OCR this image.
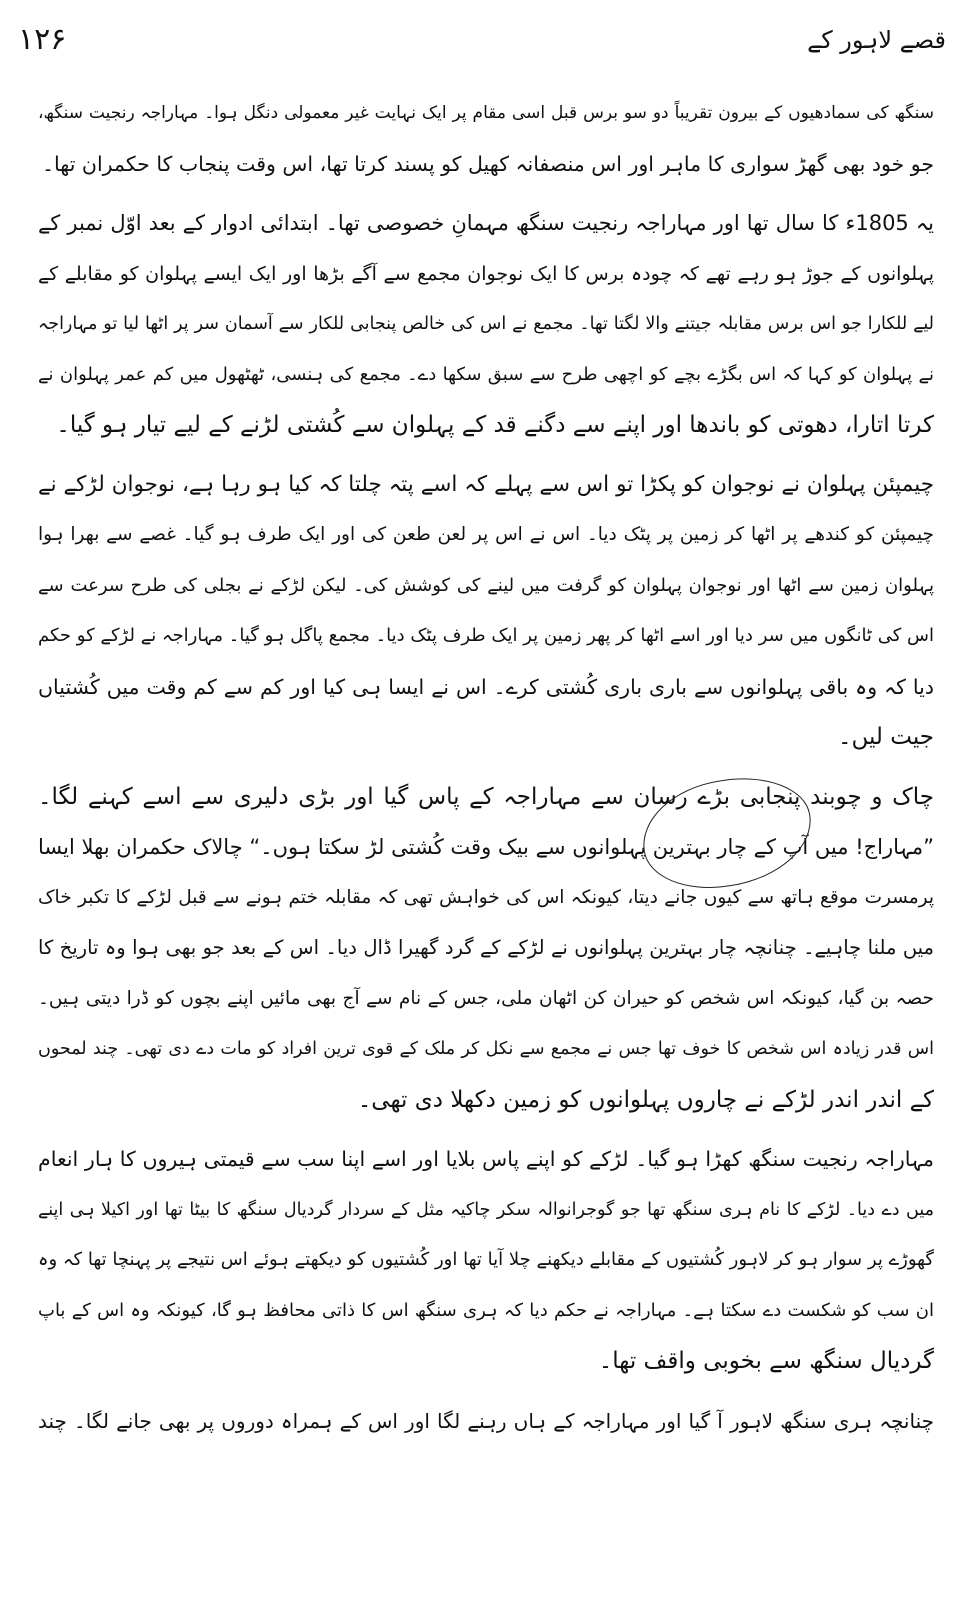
۱۲۶	قصے لاہور کے
سنگھ کی سمادھیوں کے بیرون تقریباً دو سو برس قبل اسی مقام پر ایک نہایت غیر معمولی دنگل ہوا۔ مہاراجہ رنجیت سنگھ،
جو خود بھی گھڑ سواری کا ماہر اور اس منصفانہ کھیل کو پسند کرتا تھا، اس وقت پنجاب کا حکمران تھا۔
یہ 1805ء کا سال تھا اور مہاراجہ رنجیت سنگھ مہمانِ خصوصی تھا۔ ابتدائی ادوار کے بعد اوّل نمبر کے
پہلوانوں کے جوڑ ہو رہے تھے کہ چودہ برس کا ایک نوجوان مجمع سے آگے بڑھا اور ایک ایسے پہلوان کو مقابلے کے
لیے للکارا جو اس برس مقابلہ جیتنے والا لگتا تھا۔ مجمع نے اس کی خالص پنجابی للکار سے آسمان سر پر اٹھا لیا تو مہاراجہ
نے پہلوان کو کہا کہ اس بگڑے بچے کو اچھی طرح سے سبق سکھا دے۔ مجمع کی ہنسی، ٹھٹھول میں کم عمر پہلوان نے
کرتا اتارا، دھوتی کو باندھا اور اپنے سے دگنے قد کے پہلوان سے کُشتی لڑنے کے لیے تیار ہو گیا۔
چیمپئن پہلوان نے نوجوان کو پکڑا تو اس سے پہلے کہ اسے پتہ چلتا کہ کیا ہو رہا ہے، نوجوان لڑکے نے
چیمپئن کو کندھے پر اٹھا کر زمین پر پٹک دیا۔ اس نے اس پر لعن طعن کی اور ایک طرف ہو گیا۔ غصے سے بھرا ہوا
پہلوان زمین سے اٹھا اور نوجوان پہلوان کو گرفت میں لینے کی کوشش کی۔ لیکن لڑکے نے بجلی کی طرح سرعت سے
اس کی ٹانگوں میں سر دیا اور اسے اٹھا کر پھر زمین پر ایک طرف پٹک دیا۔ مجمع پاگل ہو گیا۔ مہاراجہ نے لڑکے کو حکم
دیا کہ وہ باقی پہلوانوں سے باری باری کُشتی کرے۔ اس نے ایسا ہی کیا اور کم سے کم وقت میں کُشتیاں
جیت لیں۔
چاک و چوبند پنجابی بڑے رسان سے مہاراجہ کے پاس گیا اور بڑی دلیری سے اسے کہنے لگا۔
”مہاراج! میں آپ کے چار بہترین پہلوانوں سے بیک وقت کُشتی لڑ سکتا ہوں۔“ چالاک حکمران بھلا ایسا
پرمسرت موقع ہاتھ سے کیوں جانے دیتا، کیونکہ اس کی خواہش تھی کہ مقابلہ ختم ہونے سے قبل لڑکے کا تکبر خاک
میں ملنا چاہیے۔ چنانچہ چار بہترین پہلوانوں نے لڑکے کے گرد گھیرا ڈال دیا۔ اس کے بعد جو بھی ہوا وہ تاریخ کا
حصہ بن گیا، کیونکہ اس شخص کو حیران کن اٹھان ملی، جس کے نام سے آج بھی مائیں اپنے بچوں کو ڈرا دیتی ہیں۔
اس قدر زیادہ اس شخص کا خوف تھا جس نے مجمع سے نکل کر ملک کے قوی ترین افراد کو مات دے دی تھی۔ چند لمحوں
کے اندر اندر لڑکے نے چاروں پہلوانوں کو زمین دکھلا دی تھی۔
مہاراجہ رنجیت سنگھ کھڑا ہو گیا۔ لڑکے کو اپنے پاس بلایا اور اسے اپنا سب سے قیمتی ہیروں کا ہار انعام
میں دے دیا۔ لڑکے کا نام ہری سنگھ تھا جو گوجرانوالہ سکر چاکیہ مثل کے سردار گردیال سنگھ کا بیٹا تھا اور اکیلا ہی اپنے
گھوڑے پر سوار ہو کر لاہور کُشتیوں کے مقابلے دیکھنے چلا آیا تھا اور کُشتیوں کو دیکھتے ہوئے اس نتیجے پر پہنچا تھا کہ وہ
ان سب کو شکست دے سکتا ہے۔ مہاراجہ نے حکم دیا کہ ہری سنگھ اس کا ذاتی محافظ ہو گا، کیونکہ وہ اس کے باپ
گردیال سنگھ سے بخوبی واقف تھا۔
چنانچہ ہری سنگھ لاہور آ گیا اور مہاراجہ کے ہاں رہنے لگا اور اس کے ہمراہ دوروں پر بھی جانے لگا۔ چند
